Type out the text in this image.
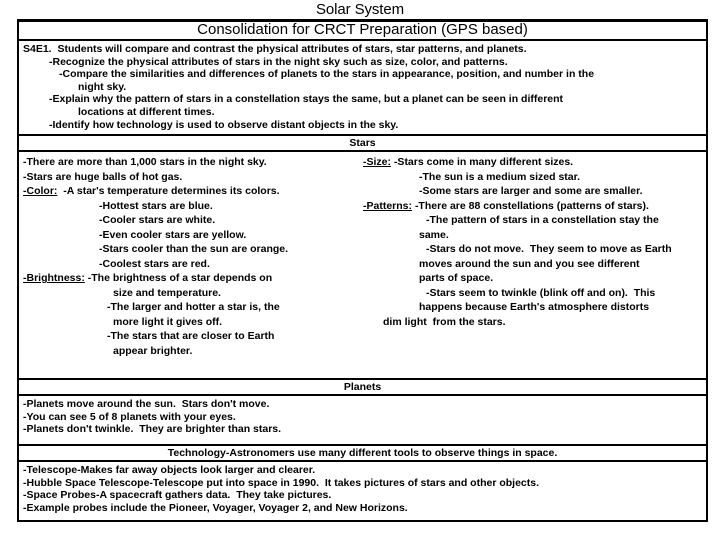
Solar System
Consolidation for CRCT Preparation (GPS based)
S4E1.  Students will compare and contrast the physical attributes of stars, star patterns, and planets.
-Recognize the physical attributes of stars in the night sky such as size, color, and patterns.
-Compare the similarities and differences of planets to the stars in appearance, position, and number in the
night sky.
-Explain why the pattern of stars in a constellation stays the same, but a planet can be seen in different
locations at different times.
-Identify how technology is used to observe distant objects in the sky.
Stars
-There are more than 1,000 stars in the night sky.
-Stars are huge balls of hot gas.
-Color: -A star's temperature determines its colors.
-Hottest stars are blue.
-Cooler stars are white.
-Even cooler stars are yellow.
-Stars cooler than the sun are orange.
-Coolest stars are red.
-Brightness: -The brightness of a star depends on
size and temperature.
-The larger and hotter a star is, the
more light it gives off.
-The stars that are closer to Earth
appear brighter.
-Size: -Stars come in many different sizes.
-The sun is a medium sized star.
-Some stars are larger and some are smaller.
-Patterns: -There are 88 constellations (patterns of stars).
-The pattern of stars in a constellation stay the
same.
-Stars do not move.  They seem to move as Earth
moves around the sun and you see different
parts of space.
-Stars seem to twinkle (blink off and on).  This
happens because Earth's atmosphere distorts
dim light  from the stars.
Planets
-Planets move around the sun.  Stars don't move.
-You can see 5 of 8 planets with your eyes.
-Planets don't twinkle.  They are brighter than stars.
Technology-Astronomers use many different tools to observe things in space.
-Telescope-Makes far away objects look larger and clearer.
-Hubble Space Telescope-Telescope put into space in 1990.  It takes pictures of stars and other objects.
-Space Probes-A spacecraft gathers data.  They take pictures.
-Example probes include the Pioneer, Voyager, Voyager 2, and New Horizons.
